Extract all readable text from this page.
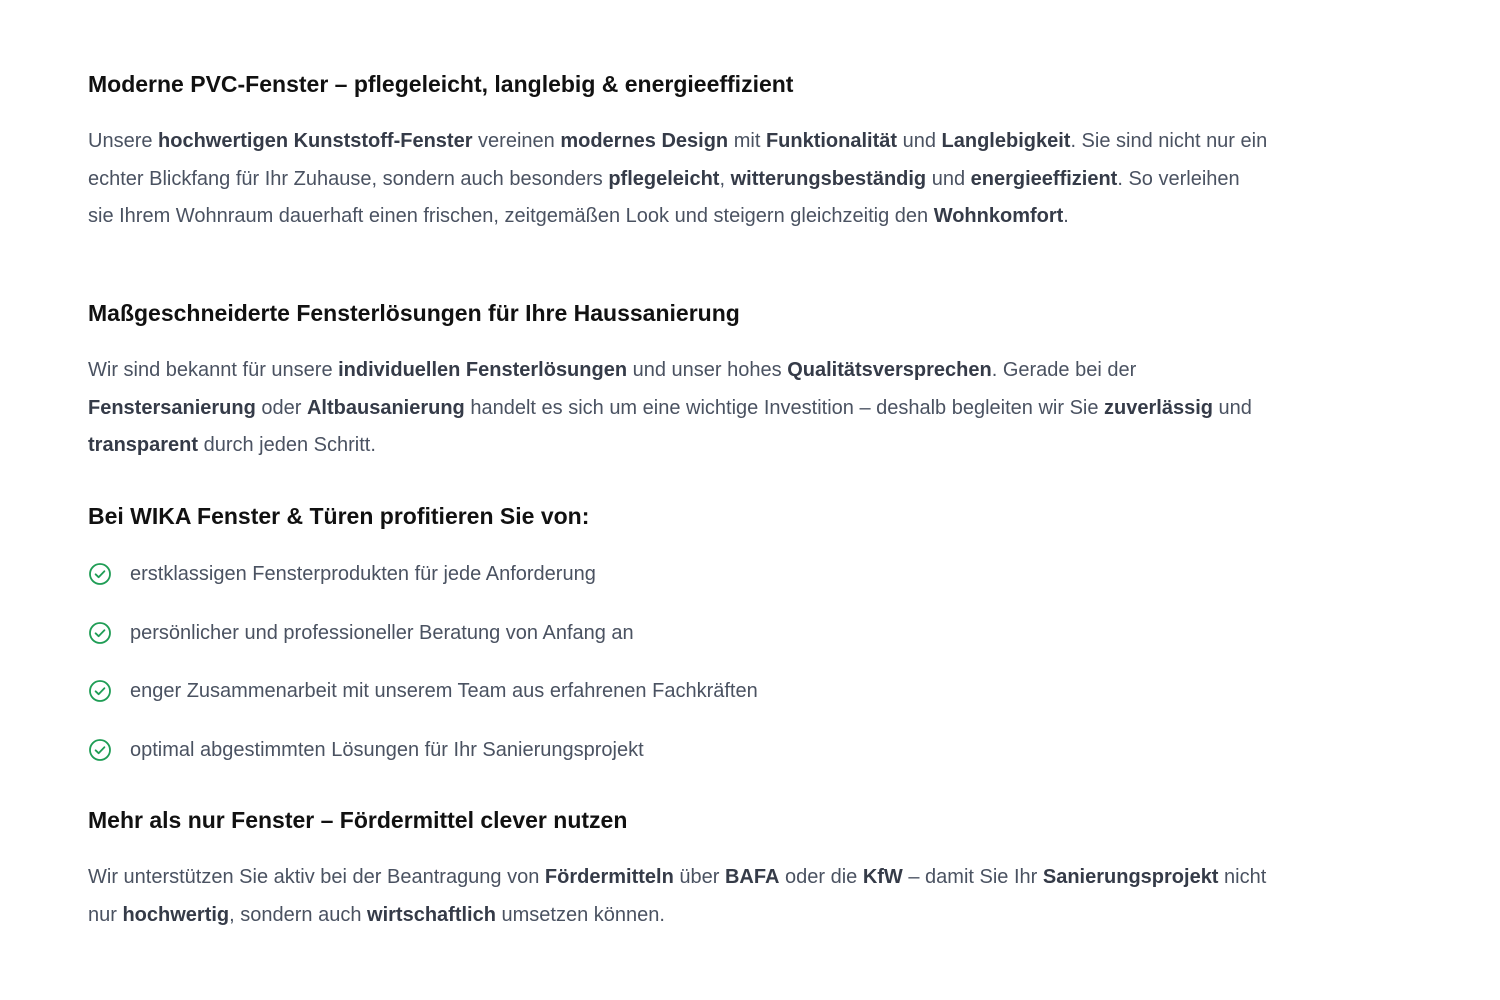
Moderne PVC-Fenster – pflegeleicht, langlebig & energieeffizient

Unsere hochwertigen Kunststoff-Fenster vereinen modernes Design mit Funktionalität und Langlebigkeit. Sie sind nicht nur ein echter Blickfang für Ihr Zuhause, sondern auch besonders pflegeleicht, witterungsbeständig und energieeffizient. So verleihen sie Ihrem Wohnraum dauerhaft einen frischen, zeitgemäßen Look und steigern gleichzeitig den Wohnkomfort.

Maßgeschneiderte Fensterlösungen für Ihre Haussanierung

Wir sind bekannt für unsere individuellen Fensterlösungen und unser hohes Qualitätsversprechen. Gerade bei der Fenstersanierung oder Altbausanierung handelt es sich um eine wichtige Investition – deshalb begleiten wir Sie zuverlässig und transparent durch jeden Schritt.

Bei WIKA Fenster & Türen profitieren Sie von:
erstklassigen Fensterprodukten für jede Anforderung
persönlicher und professioneller Beratung von Anfang an
enger Zusammenarbeit mit unserem Team aus erfahrenen Fachkräften
optimal abgestimmten Lösungen für Ihr Sanierungsprojekt
Mehr als nur Fenster – Fördermittel clever nutzen

Wir unterstützen Sie aktiv bei der Beantragung von Fördermitteln über BAFA oder die KfW – damit Sie Ihr Sanierungsprojekt nicht nur hochwertig, sondern auch wirtschaftlich umsetzen können.
